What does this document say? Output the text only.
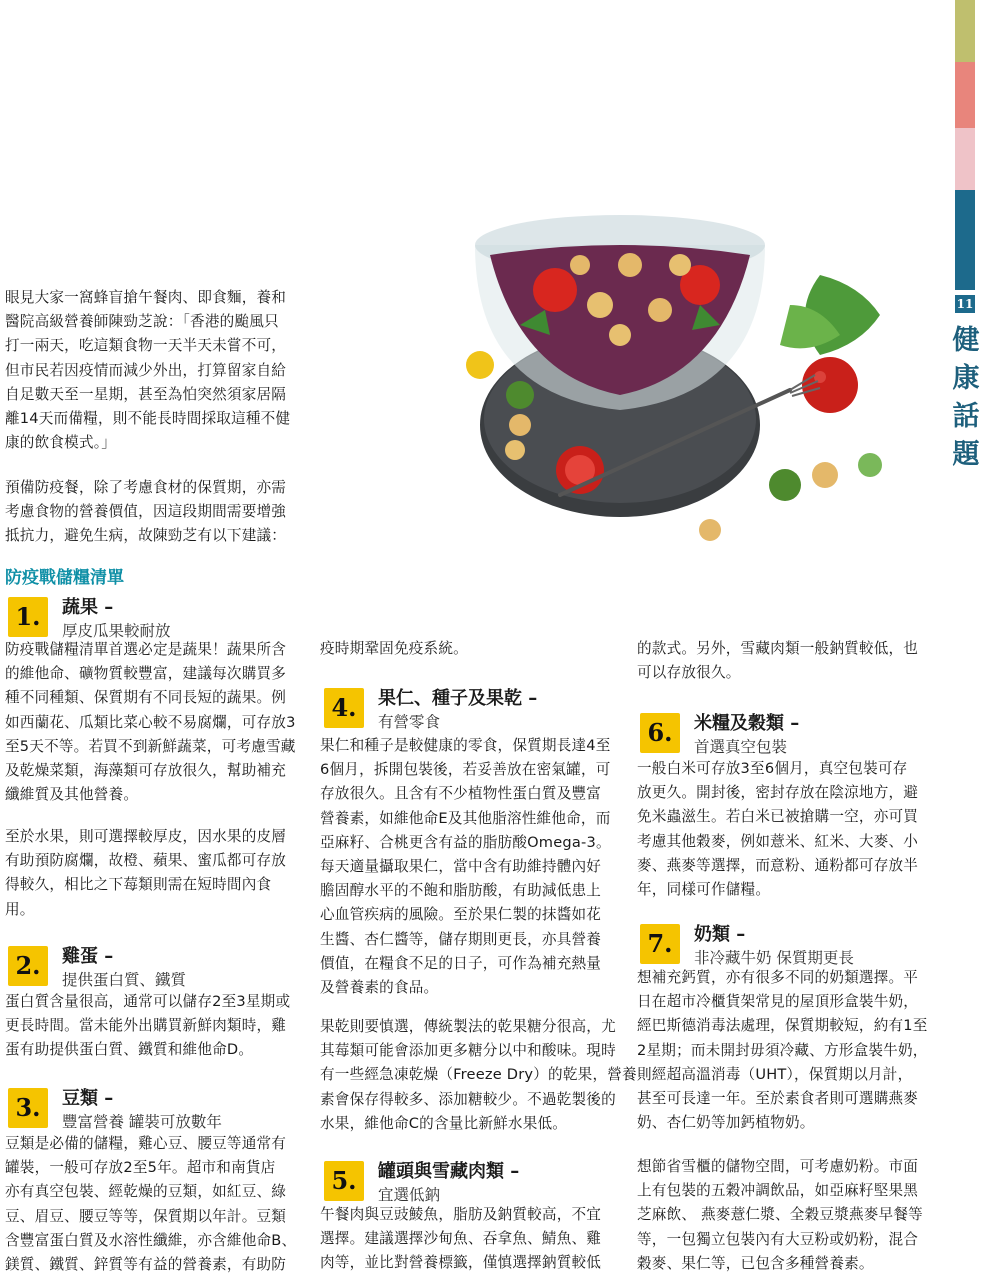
11
健
康
話
題

眼見大家一窩蜂盲搶午餐肉、即食麵，養和
醫院高級營養師陳勁芝說：「香港的颱風只
打一兩天，吃這類食物一天半天未嘗不可，
但市民若因疫情而減少外出，打算留家自給
自足數天至一星期，甚至為怕突然須家居隔
離14天而備糧，則不能長時間採取這種不健
康的飲食模式。」

預備防疫餐，除了考慮食材的保質期，亦需
考慮食物的營養價值，因這段期間需要增強
抵抗力，避免生病，故陳勁芝有以下建議：

防疫戰儲糧清單
1.	蔬果 –
厚皮瓜果較耐放

防疫戰儲糧清單首選必定是蔬果！蔬果所含
的維他命、礦物質較豐富，建議每次購買多
種不同種類、保質期有不同長短的蔬果。例
如西蘭花、瓜類比菜心較不易腐爛，可存放3
至5天不等。若買不到新鮮蔬菜，可考慮雪藏
及乾燥菜類，海藻類可存放很久，幫助補充
纖維質及其他營養。

至於水果，則可選擇較厚皮，因水果的皮層
有助預防腐爛，故橙、蘋果、蜜瓜都可存放
得較久，相比之下莓類則需在短時間內食
用。

2.	雞蛋 –
提供蛋白質、鐵質

蛋白質含量很高，通常可以儲存2至3星期或
更長時間。當未能外出購買新鮮肉類時，雞
蛋有助提供蛋白質、鐵質和維他命D。

3.	豆類 –
豐富營養 罐裝可放數年

豆類是必備的儲糧，雞心豆、腰豆等通常有
罐裝，一般可存放2至5年。超市和南貨店
亦有真空包裝、經乾燥的豆類，如紅豆、綠
豆、眉豆、腰豆等等，保質期以年計。豆類
含豐富蛋白質及水溶性纖維，亦含維他命B、
鎂質、鐵質、鋅質等有益的營養素，有助防

疫時期鞏固免疫系統。

4.	果仁、種子及果乾 –
有營零食

果仁和種子是較健康的零食，保質期長達4至
6個月，拆開包裝後，若妥善放在密氣罐，可
存放很久。且含有不少植物性蛋白質及豐富
營養素，如維他命E及其他脂溶性維他命，而
亞麻籽、合桃更含有益的脂肪酸Omega-3。
每天適量攝取果仁，當中含有助維持體內好
膽固醇水平的不飽和脂肪酸，有助減低患上
心血管疾病的風險。至於果仁製的抹醬如花
生醬、杏仁醬等，儲存期則更長，亦具營養
價值，在糧食不足的日子，可作為補充熱量
及營養素的食品。

果乾則要慎選，傳統製法的乾果糖分很高，尤
其莓類可能會添加更多糖分以中和酸味。現時
有一些經急凍乾燥（Freeze Dry）的乾果，營養
素會保存得較多、添加糖較少。不過乾製後的
水果，維他命C的含量比新鮮水果低。

5.	罐頭與雪藏肉類 –
宜選低鈉

午餐肉與豆豉鯪魚，脂肪及鈉質較高，不宜
選擇。建議選擇沙甸魚、吞拿魚、鯖魚、雞
肉等，並比對營養標籤，僅慎選擇鈉質較低

的款式。另外，雪藏肉類一般鈉質較低，也
可以存放很久。

6.	米糧及穀類 –
首選真空包裝

一般白米可存放3至6個月，真空包裝可存
放更久。開封後，密封存放在陰涼地方，避
免米蟲滋生。若白米已被搶購一空，亦可買
考慮其他穀麥，例如薏米、紅米、大麥、小
麥、燕麥等選擇，而意粉、通粉都可存放半
年，同樣可作儲糧。

7.	奶類 –
非冷藏牛奶 保質期更長

想補充鈣質，亦有很多不同的奶類選擇。平
日在超市冷櫃貨架常見的屋頂形盒裝牛奶，
經巴斯德消毒法處理，保質期較短，約有1至
2星期；而未開封毋須冷藏、方形盒裝牛奶，
則經超高溫消毒（UHT），保質期以月計，
甚至可長達一年。至於素食者則可選購燕麥
奶、杏仁奶等加鈣植物奶。

想節省雪櫃的儲物空間，可考慮奶粉。市面
上有包裝的五穀冲調飲品，如亞麻籽堅果黑
芝麻飲、 燕麥薏仁漿、全穀豆漿燕麥早餐等
等，一包獨立包裝內有大豆粉或奶粉，混合
穀麥、果仁等，已包含多種營養素。
